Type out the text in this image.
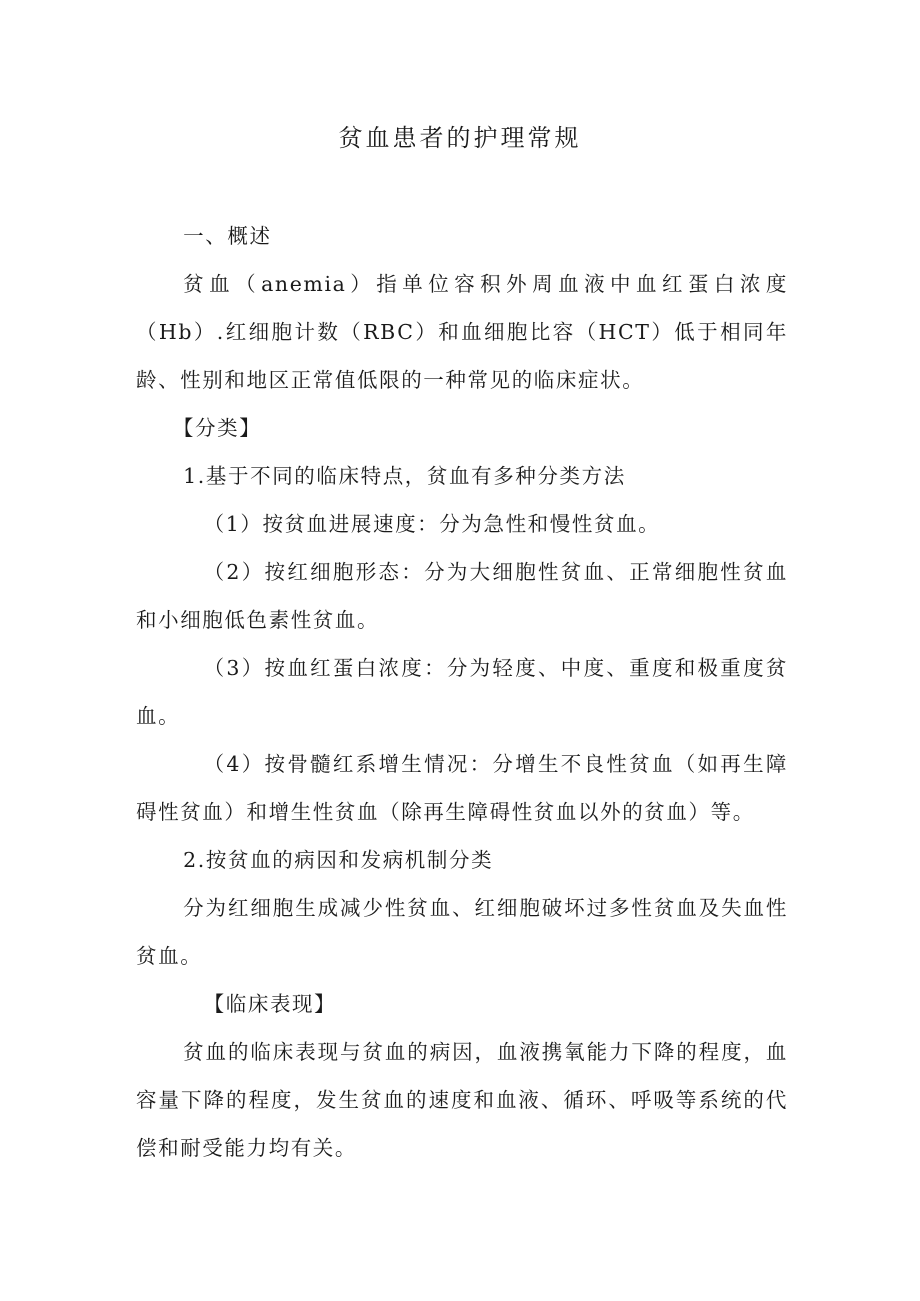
贫血患者的护理常规

一、概述

贫血（anemia）指单位容积外周血液中血红蛋白浓度（Hb）.红细胞计数（RBC）和血细胞比容（HCT）低于相同年龄、性别和地区正常值低限的一种常见的临床症状。

【分类】

1.基于不同的临床特点，贫血有多种分类方法

（1）按贫血进展速度：分为急性和慢性贫血。

（2）按红细胞形态：分为大细胞性贫血、正常细胞性贫血和小细胞低色素性贫血。

（3）按血红蛋白浓度：分为轻度、中度、重度和极重度贫血。

（4）按骨髓红系增生情况：分增生不良性贫血（如再生障碍性贫血）和增生性贫血（除再生障碍性贫血以外的贫血）等。

2.按贫血的病因和发病机制分类

分为红细胞生成减少性贫血、红细胞破坏过多性贫血及失血性贫血。

【临床表现】

贫血的临床表现与贫血的病因，血液携氧能力下降的程度，血容量下降的程度，发生贫血的速度和血液、循环、呼吸等系统的代偿和耐受能力均有关。
